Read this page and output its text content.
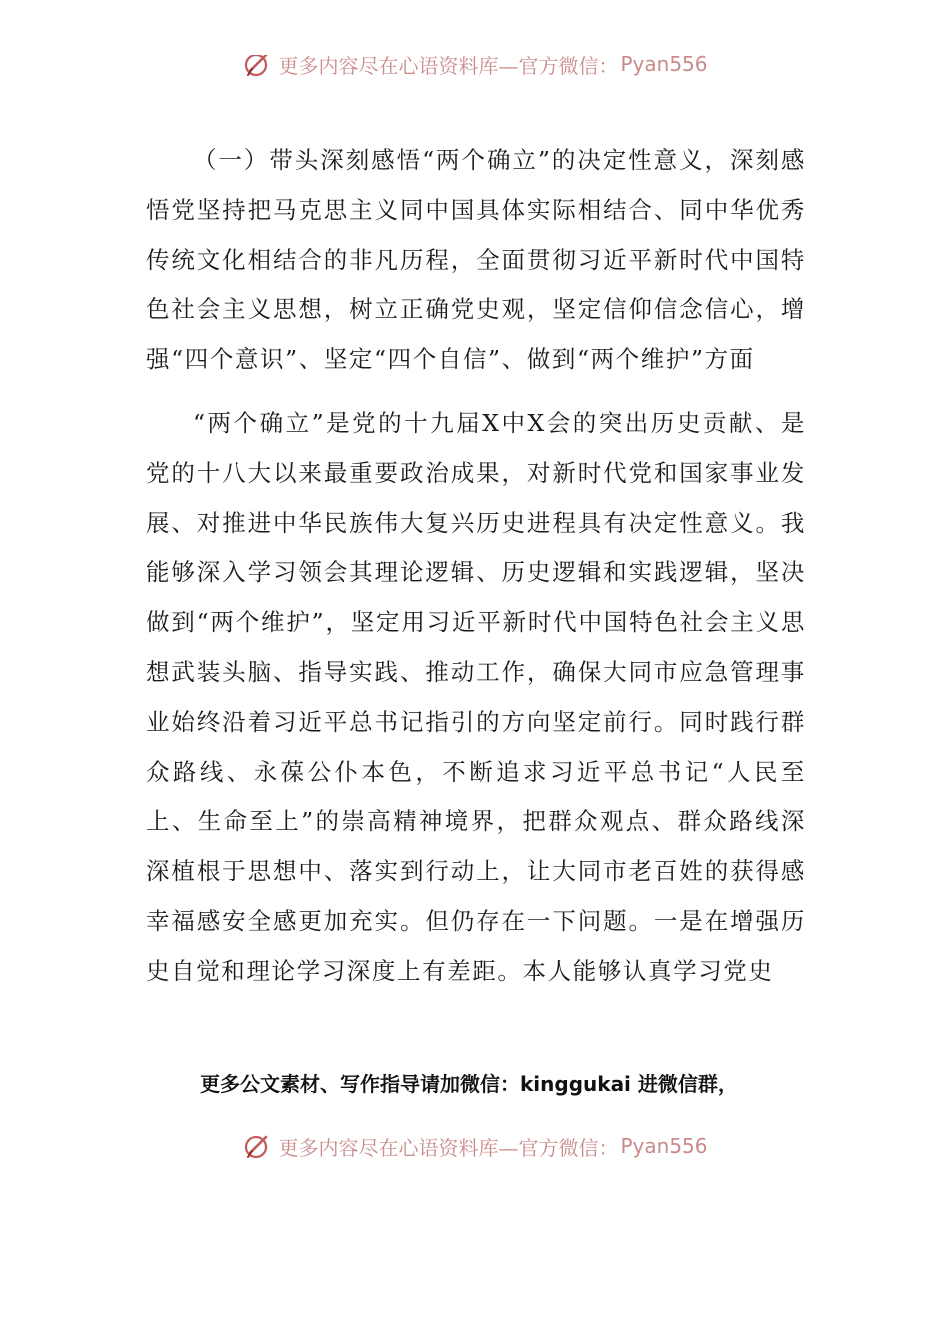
更多内容尽在心语资料库—官方微信： Pyan556

（一）带头深刻感悟“两个确立”的决定性意义，深刻感悟党坚持把马克思主义同中国具体实际相结合、同中华优秀传统文化相结合的非凡历程，全面贯彻习近平新时代中国特色社会主义思想，树立正确党史观，坚定信仰信念信心，增强“四个意识”、坚定“四个自信”、做到“两个维护”方面

“两个确立”是党的十九届X中X会的突出历史贡献、是党的十八大以来最重要政治成果，对新时代党和国家事业发展、对推进中华民族伟大复兴历史进程具有决定性意义。我能够深入学习领会其理论逻辑、历史逻辑和实践逻辑，坚决做到“两个维护”，坚定用习近平新时代中国特色社会主义思想武装头脑、指导实践、推动工作，确保大同市应急管理事业始终沿着习近平总书记指引的方向坚定前行。同时践行群众路线、永葆公仆本色，不断追求习近平总书记“人民至上、生命至上”的崇高精神境界，把群众观点、群众路线深深植根于思想中、落实到行动上，让大同市老百姓的获得感幸福感安全感更加充实。但仍存在一下问题。一是在增强历史自觉和理论学习深度上有差距。本人能够认真学习党史

更多公文素材、写作指导请加微信：kinggukai 进微信群，
更多内容尽在心语资料库—官方微信： Pyan556
